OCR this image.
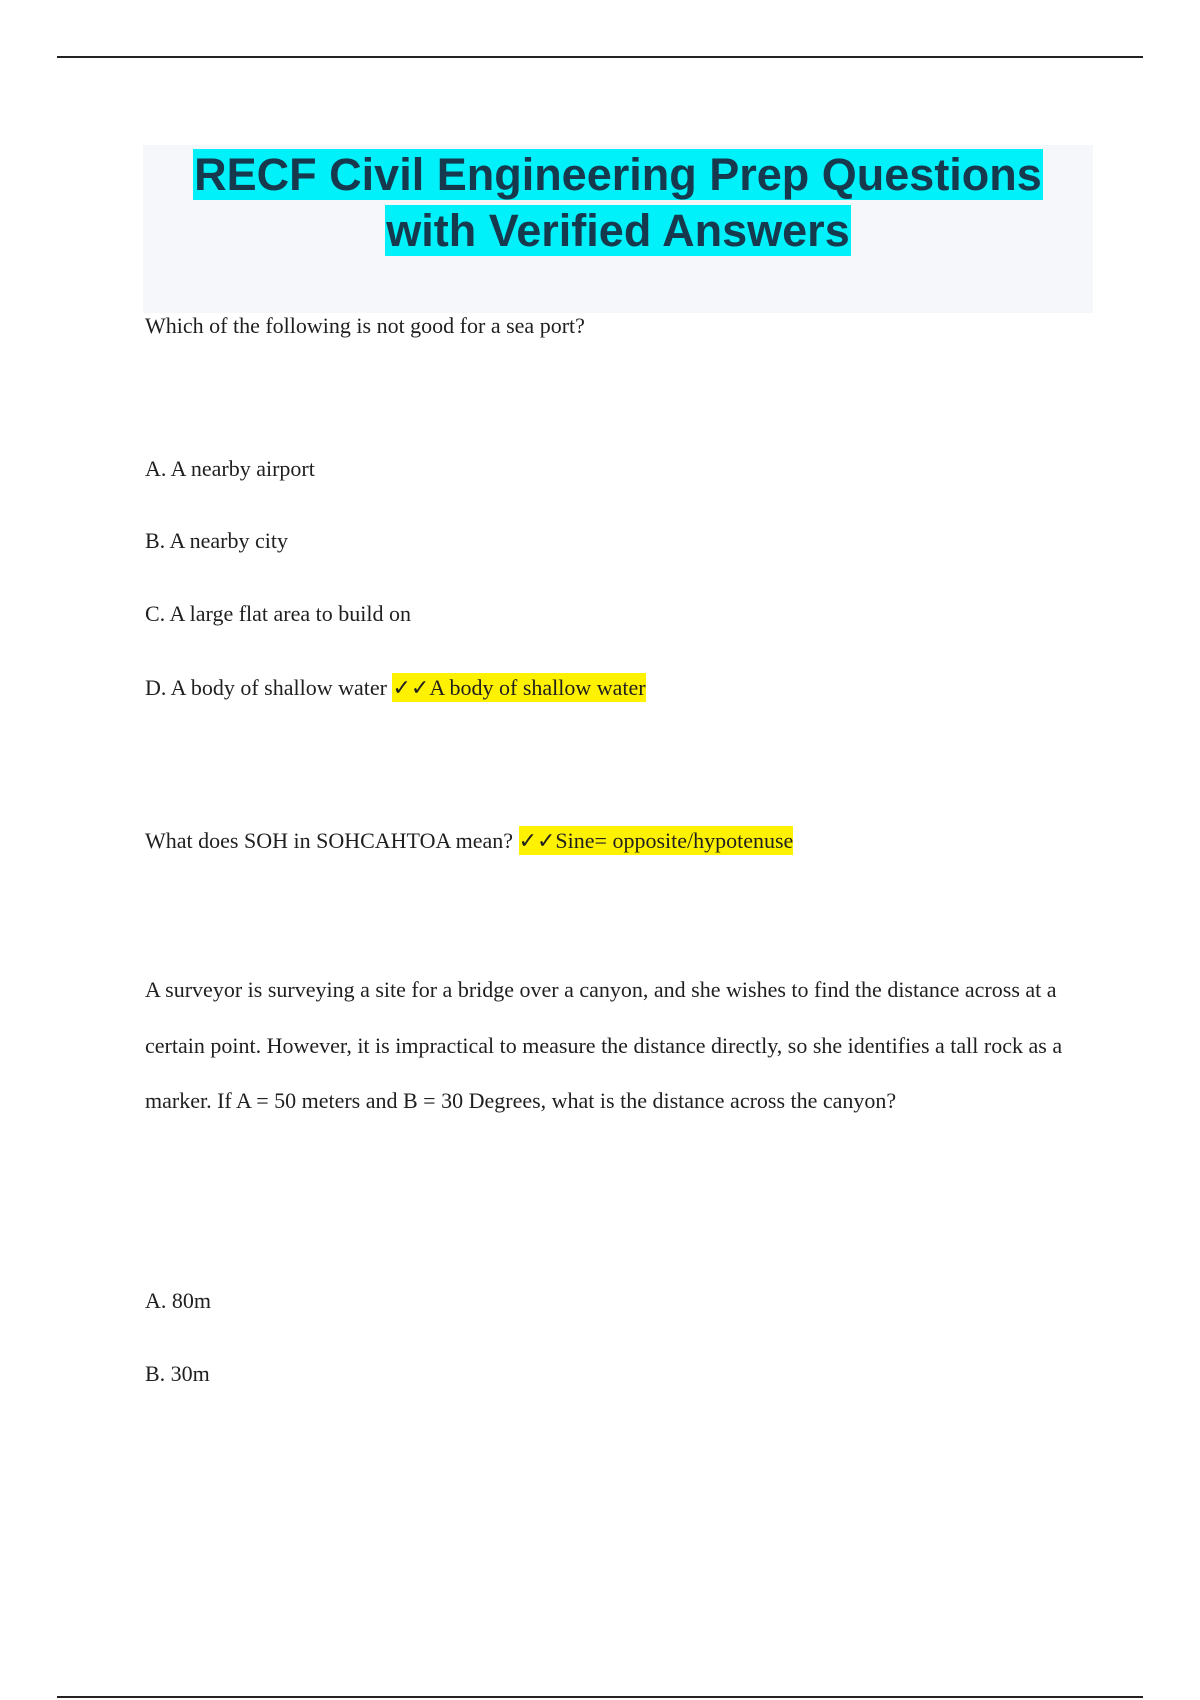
RECF Civil Engineering Prep Questions
with Verified Answers

Which of the following is not good for a sea port?

A. A nearby airport

B. A nearby city

C. A large flat area to build on

D. A body of shallow water ✓✓A body of shallow water

What does SOH in SOHCAHTOA mean? ✓✓Sine= opposite/hypotenuse

A surveyor is surveying a site for a bridge over a canyon, and she wishes to find the distance across at a certain point. However, it is impractical to measure the distance directly, so she identifies a tall rock as a marker. If A = 50 meters and B = 30 Degrees, what is the distance across the canyon?

A. 80m

B. 30m
